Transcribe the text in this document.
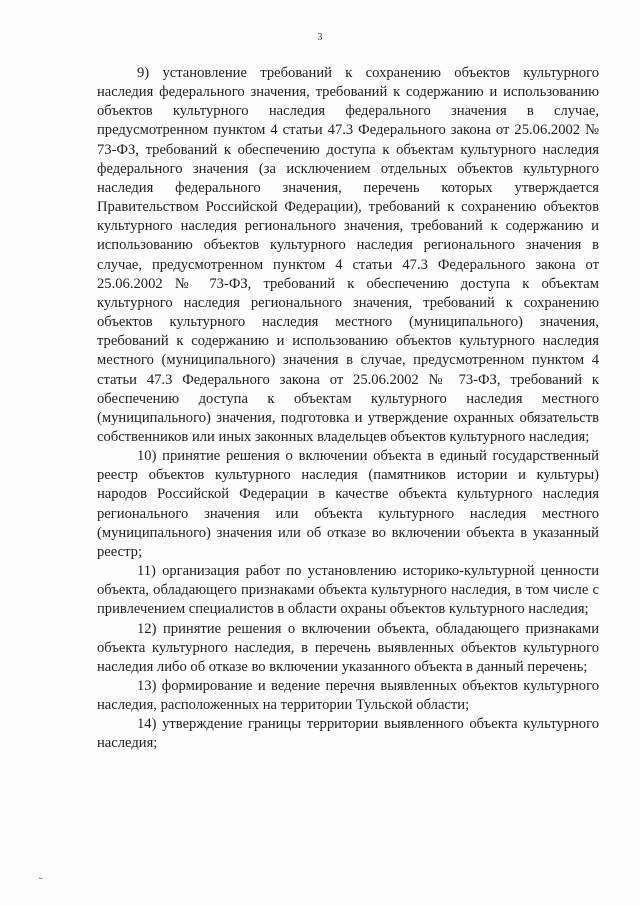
3

9) установление требований к сохранению объектов культурного наследия федерального значения, требований к содержанию и использованию объектов культурного наследия федерального значения в случае, предусмотренном пунктом 4 статьи 47.3 Федерального закона от 25.06.2002 № 73-ФЗ, требований к обеспечению доступа к объектам культурного наследия федерального значения (за исключением отдельных объектов культурного наследия федерального значения, перечень которых утверждается Правительством Российской Федерации), требований к сохранению объектов культурного наследия регионального значения, требований к содержанию и использованию объектов культурного наследия регионального значения в случае, предусмотренном пунктом 4 статьи 47.3 Федерального закона от 25.06.2002 № 73-ФЗ, требований к обеспечению доступа к объектам культурного наследия регионального значения, требований к сохранению объектов культурного наследия местного (муниципального) значения, требований к содержанию и использованию объектов культурного наследия местного (муниципального) значения в случае, предусмотренном пунктом 4 статьи 47.3 Федерального закона от 25.06.2002 № 73-ФЗ, требований к обеспечению доступа к объектам культурного наследия местного (муниципального) значения, подготовка и утверждение охранных обязательств собственников или иных законных владельцев объектов культурного наследия;

10) принятие решения о включении объекта в единый государственный реестр объектов культурного наследия (памятников истории и культуры) народов Российской Федерации в качестве объекта культурного наследия регионального значения или объекта культурного наследия местного (муниципального) значения или об отказе во включении объекта в указанный реестр;

11) организация работ по установлению историко-культурной ценности объекта, обладающего признаками объекта культурного наследия, в том числе с привлечением специалистов в области охраны объектов культурного наследия;

12) принятие решения о включении объекта, обладающего признаками объекта культурного наследия, в перечень выявленных объектов культурного наследия либо об отказе во включении указанного объекта в данный перечень;

13) формирование и ведение перечня выявленных объектов культурного наследия, расположенных на территории Тульской области;

14) утверждение границы территории выявленного объекта культурного наследия;

˘
